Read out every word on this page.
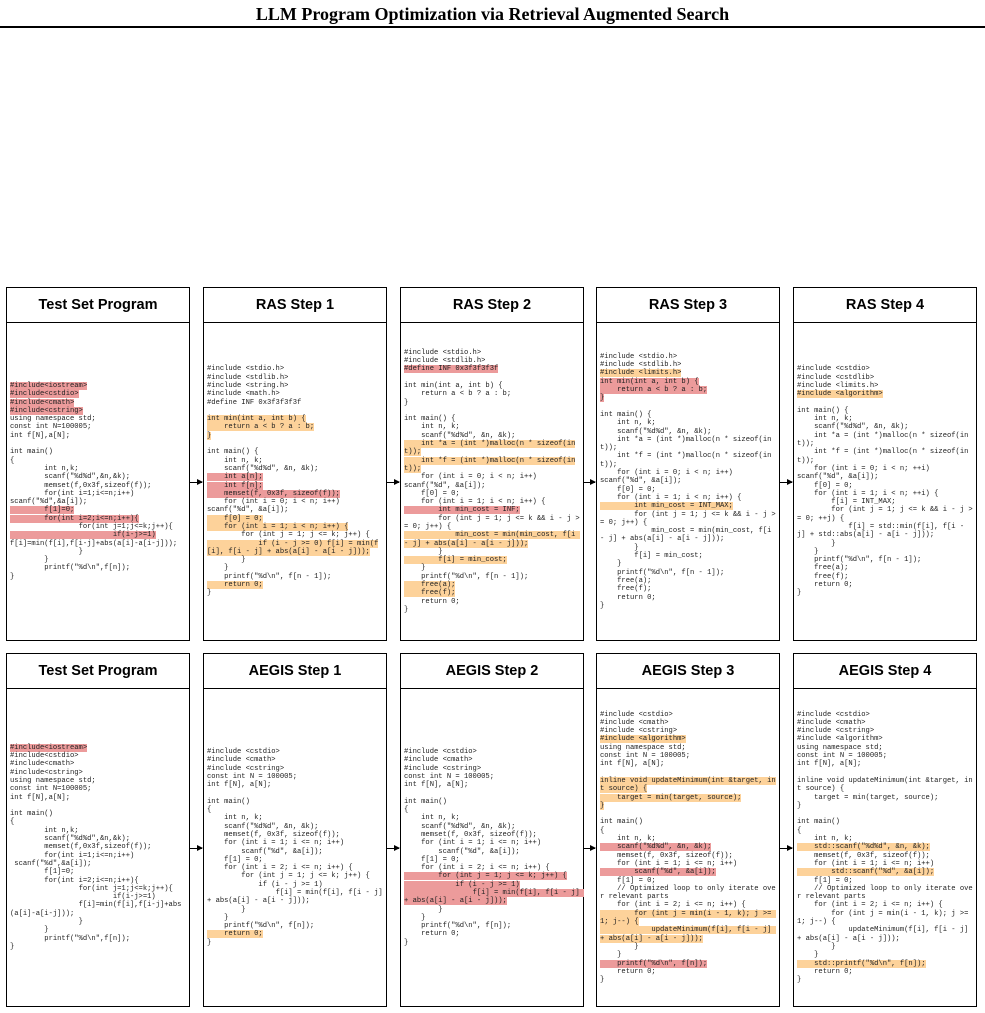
LLM Program Optimization via Retrieval Augmented Search
Test Set Program
#include<iostream>
#include<cstdio>
#include<cmath>
#include<cstring>
using namespace std;
const int N=100005;
int f[N],a[N];
int main()
{
int n,k;
scanf("%d%d",&n,&k);
memset(f,0x3f,sizeof(f));
for(int i=1;i<=n;i++)
scanf("%d",&a[i]);
f[1]=0;
for(int i=2;i<=n;i++){
for(int j=1;j<=k;j++){
if(i-j>=1)
f[i]=min(f[i],f[i-j]+abs(a[i]-a[i-j]));
}
}
printf("%d\n",f[n]);
}
RAS Step 1
#include <stdio.h>
#include <stdlib.h>
#include <string.h>
#include <math.h>
#define INF 0x3f3f3f3f
int min(int a, int b) {
return a < b ? a : b;
}
int main() {
int n, k;
scanf("%d%d", &n, &k);
int a[n];
int f[n];
memset(f, 0x3f, sizeof(f));
for (int i = 0; i < n; i++)
scanf("%d", &a[i]);
f[0] = 0;
for (int i = 1; i < n; i++) {
for (int j = 1; j <= k; j++) {
if (i - j >= 0) f[i] = min(f[i], f[i - j] + abs(a[i] - a[i - j]));
}
}
printf("%d\n", f[n - 1]);
return 0;
}
RAS Step 2
#include <stdio.h>
#include <stdlib.h>
#define INF 0x3f3f3f3f
int min(int a, int b) {
return a < b ? a : b;
}
int main() {
int n, k;
scanf("%d%d", &n, &k);
int *a = (int *)malloc(n * sizeof(int));
int *f = (int *)malloc(n * sizeof(int));
for (int i = 0; i < n; i++)
scanf("%d", &a[i]);
f[0] = 0;
for (int i = 1; i < n; i++) {
int min_cost = INF;
for (int j = 1; j <= k && i - j >= 0; j++) {
min_cost = min(min_cost, f[i - j] + abs(a[i] - a[i - j]));
}
f[i] = min_cost;
}
printf("%d\n", f[n - 1]);
free(a);
free(f);
return 0;
}
RAS Step 3
#include <stdio.h>
#include <stdlib.h>
#include <limits.h>
int min(int a, int b) {
return a < b ? a : b;
}
int main() {
int n, k;
scanf("%d%d", &n, &k);
int *a = (int *)malloc(n * sizeof(int));
int *f = (int *)malloc(n * sizeof(int));
for (int i = 0; i < n; i++)
scanf("%d", &a[i]);
f[0] = 0;
for (int i = 1; i < n; i++) {
int min_cost = INT_MAX;
for (int j = 1; j <= k && i - j >= 0; j++) {
min_cost = min(min_cost, f[i - j] + abs(a[i] - a[i - j]));
}
f[i] = min_cost;
}
printf("%d\n", f[n - 1]);
free(a);
free(f);
return 0;
}
RAS Step 4
#include <cstdio>
#include <cstdlib>
#include <limits.h>
#include <algorithm>
int main() {
int n, k;
scanf("%d%d", &n, &k);
int *a = (int *)malloc(n * sizeof(int));
int *f = (int *)malloc(n * sizeof(int));
for (int i = 0; i < n; ++i)
scanf("%d", &a[i]);
f[0] = 0;
for (int i = 1; i < n; ++i) {
f[i] = INT_MAX;
for (int j = 1; j <= k && i - j >= 0; ++j) {
f[i] = std::min(f[i], f[i - j] + std::abs(a[i] - a[i - j]));
}
}
printf("%d\n", f[n - 1]);
free(a);
free(f);
return 0;
}
Test Set Program
#include<iostream>
#include<cstdio>
#include<cmath>
#include<cstring>
using namespace std;
const int N=100005;
int f[N],a[N];
int main()
{
int n,k;
scanf("%d%d",&n,&k);
memset(f,0x3f,sizeof(f));
for(int i=1;i<=n;i++)
scanf("%d",&a[i]);
f[1]=0;
for(int i=2;i<=n;i++){
for(int j=1;j<=k;j++){
if(i-j>=1)
f[i]=min(f[i],f[i-j]+abs(a[i]-a[i-j]));
}
}
printf("%d\n",f[n]);
}
AEGIS Step 1
#include <cstdio>
#include <cmath>
#include <cstring>
const int N = 100005;
int f[N], a[N];
int main()
{
int n, k;
scanf("%d%d", &n, &k);
memset(f, 0x3f, sizeof(f));
for (int i = 1; i <= n; i++)
scanf("%d", &a[i]);
f[1] = 0;
for (int i = 2; i <= n; i++) {
for (int j = 1; j <= k; j++) {
if (i - j >= 1)
f[i] = min(f[i], f[i - j] + abs(a[i] - a[i - j]));
}
}
printf("%d\n", f[n]);
return 0;
}
AEGIS Step 2
#include <cstdio>
#include <cmath>
#include <cstring>
const int N = 100005;
int f[N], a[N];
int main()
{
int n, k;
scanf("%d%d", &n, &k);
memset(f, 0x3f, sizeof(f));
for (int i = 1; i <= n; i++)
scanf("%d", &a[i]);
f[1] = 0;
for (int i = 2; i <= n; i++) {
for (int j = 1; j <= k; j++) {
if (i - j >= 1)
f[i] = min(f[i], f[i - j] + abs(a[i] - a[i - j]));
}
}
printf("%d\n", f[n]);
return 0;
}
AEGIS Step 3
#include <cstdio>
#include <cmath>
#include <cstring>
#include <algorithm>
using namespace std;
const int N = 100005;
int f[N], a[N];
inline void updateMinimum(int &target, int source) {
target = min(target, source);
}
int main()
{
int n, k;
scanf("%d%d", &n, &k);
memset(f, 0x3f, sizeof(f));
for (int i = 1; i <= n; i++)
scanf("%d", &a[i]);
f[1] = 0;
// Optimized loop to only iterate over relevant parts
for (int i = 2; i <= n; i++) {
for (int j = min(i - 1, k); j >= 1; j--) {
updateMinimum(f[i], f[i - j] + abs(a[i] - a[i - j]));
}
}
printf("%d\n", f[n]);
return 0;
}
AEGIS Step 4
#include <cstdio>
#include <cmath>
#include <cstring>
#include <algorithm>
using namespace std;
const int N = 100005;
int f[N], a[N];
inline void updateMinimum(int &target, int source) {
target = min(target, source);
}
int main()
{
int n, k;
std::scanf("%d%d", &n, &k);
memset(f, 0x3f, sizeof(f));
for (int i = 1; i <= n; i++)
std::scanf("%d", &a[i]);
f[1] = 0;
// Optimized loop to only iterate over relevant parts
for (int i = 2; i <= n; i++) {
for (int j = min(i - 1, k); j >= 1; j--) {
updateMinimum(f[i], f[i - j] + abs(a[i] - a[i - j]));
}
}
std::printf("%d\n", f[n]);
return 0;
}
